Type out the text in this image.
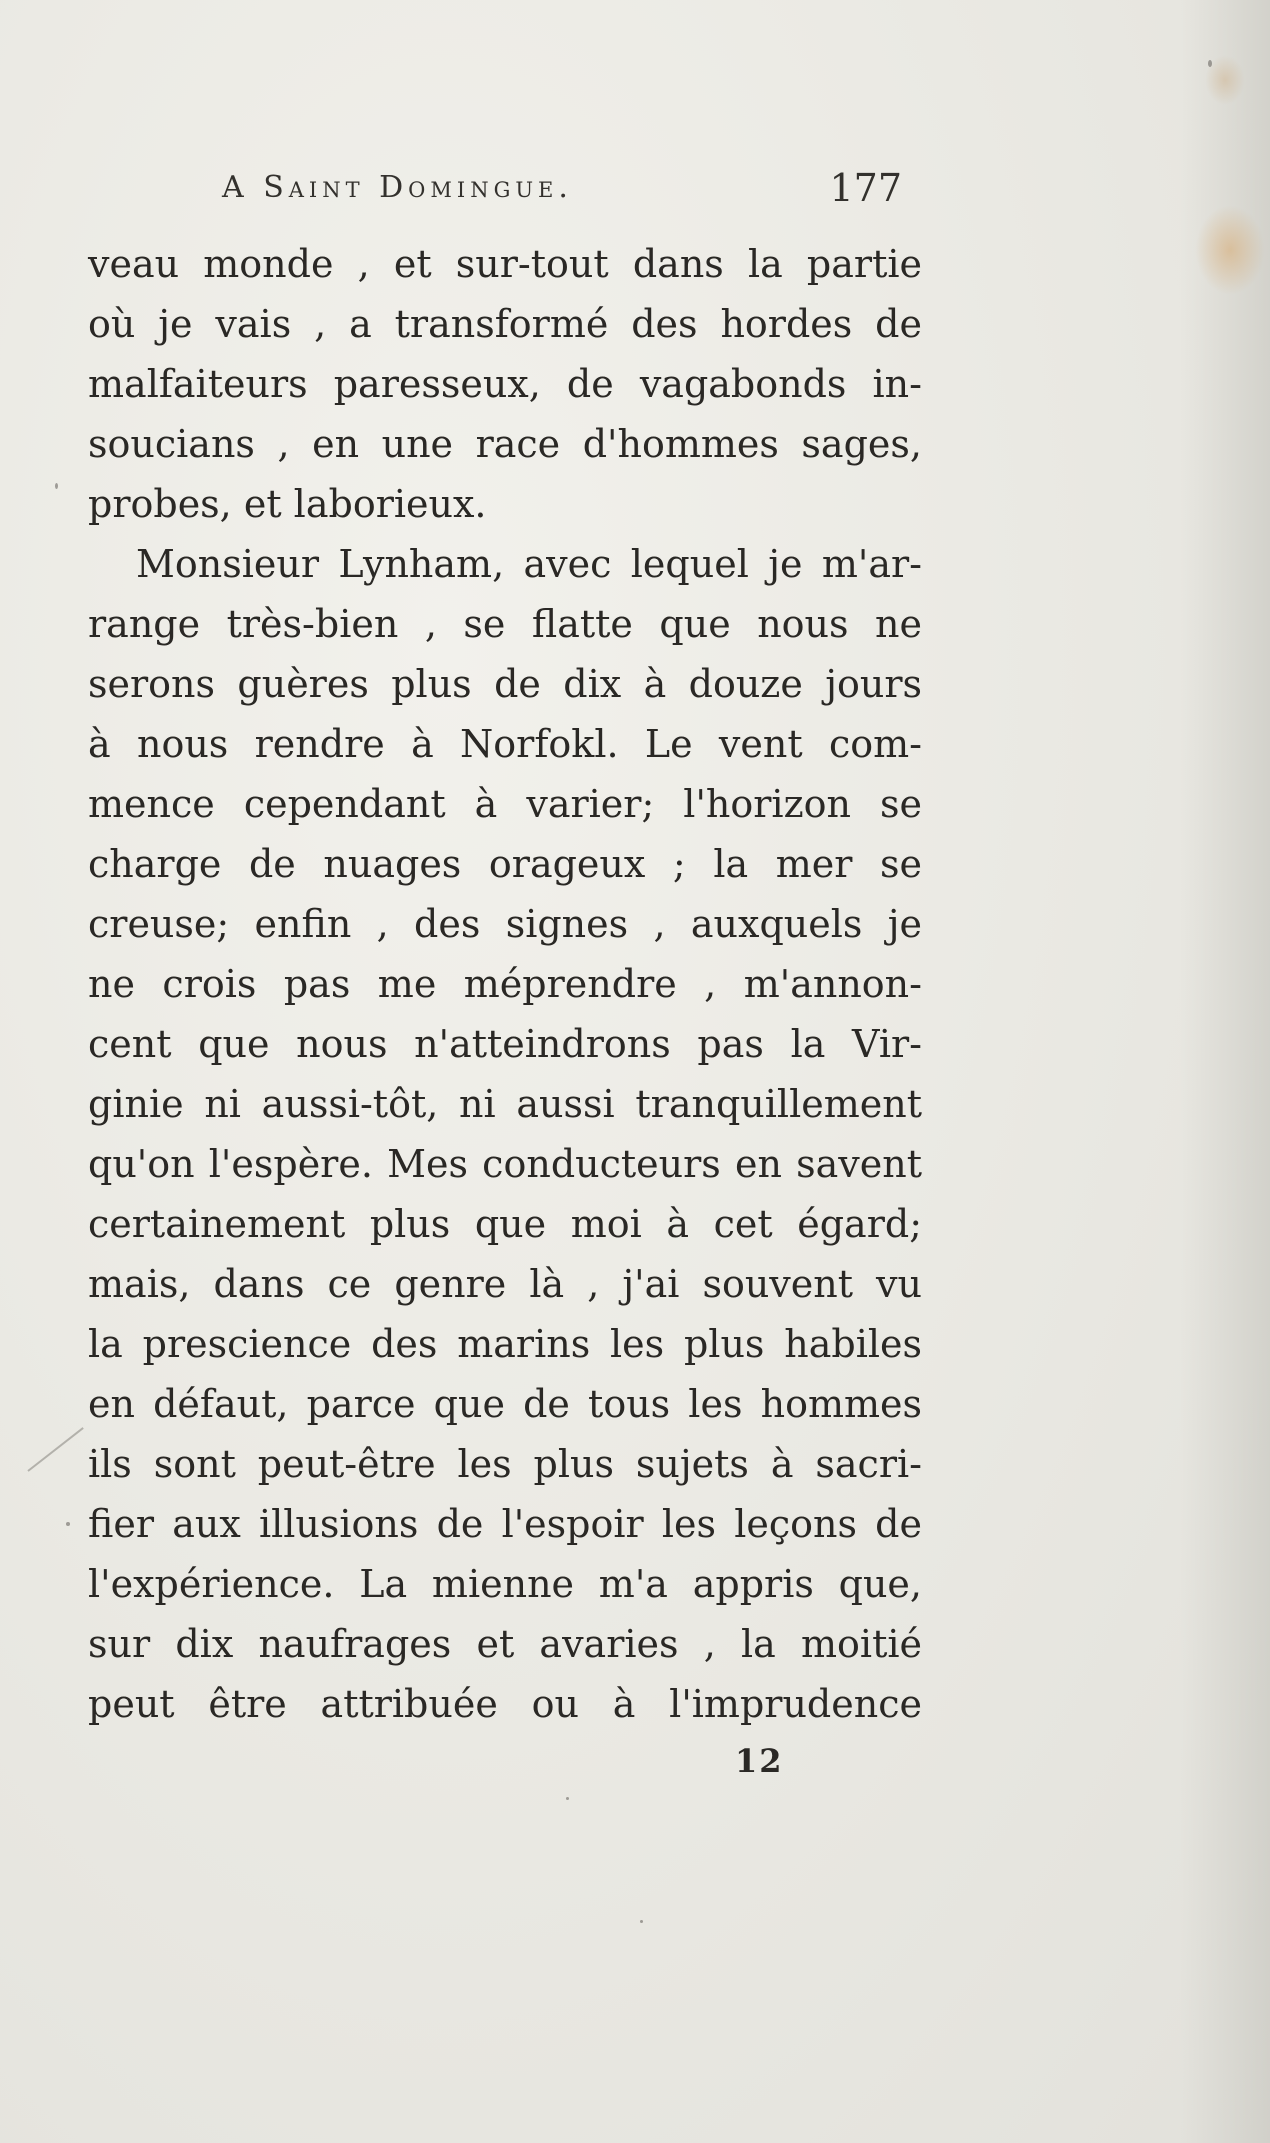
A Saint Domingue.	177
veau monde , et sur-tout dans la partie
où je vais , a transformé des hordes de
malfaiteurs paresseux, de vagabonds in-
soucians , en une race d'hommes sages,
probes, et laborieux.
Monsieur Lynham, avec lequel je m'ar-
range très-bien , se flatte que nous ne
serons guères plus de dix à douze jours
à nous rendre à Norfokl. Le vent com-
mence cependant à varier; l'horizon se
charge de nuages orageux ; la mer se
creuse; enfin , des signes , auxquels je
ne crois pas me méprendre , m'annon-
cent que nous n'atteindrons pas la Vir-
ginie ni aussi-tôt, ni aussi tranquillement
qu'on l'espère. Mes conducteurs en savent
certainement plus que moi à cet égard;
mais, dans ce genre là , j'ai souvent vu
la prescience des marins les plus habiles
en défaut, parce que de tous les hommes
ils sont peut-être les plus sujets à sacri-
fier aux illusions de l'espoir les leçons de
l'expérience. La mienne m'a appris que,
sur dix naufrages et avaries , la moitié
peut être attribuée ou à l'imprudence
12
